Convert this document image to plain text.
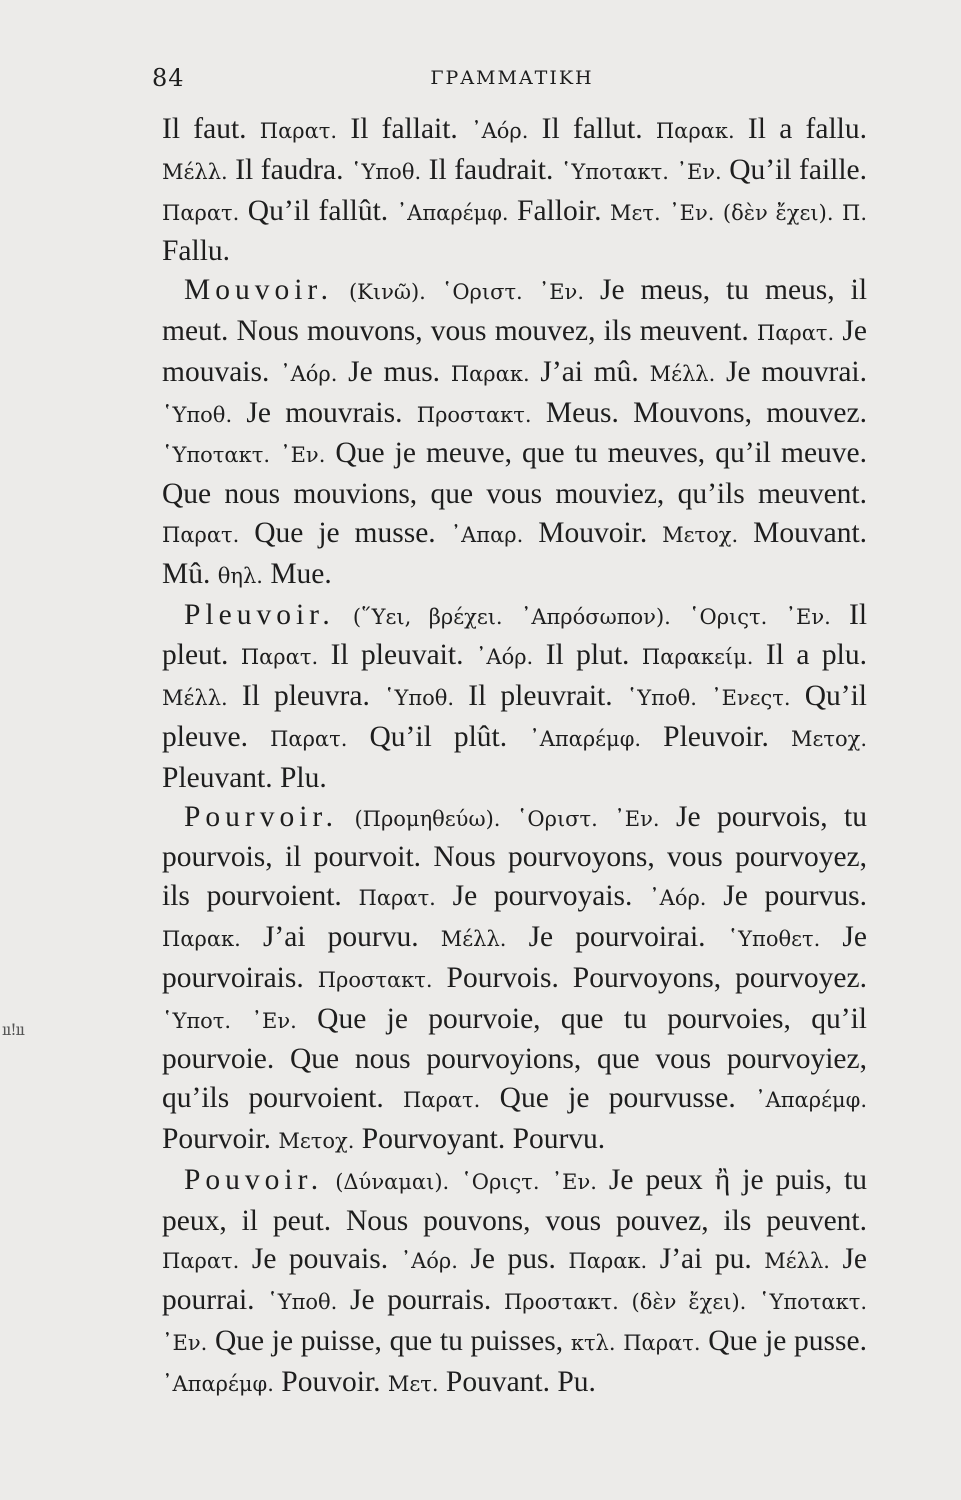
ıı!ıı
84	ΓΡΑΜΜΑΤΙΚΗ

Il faut. Παρατ. Il fallait. ᾽Αόρ. Il fallut. Παρακ. Il a fallu. Μέλλ. Il faudra. ῾Υποθ. Il faudrait. ῾Υποτακτ. ᾽Εν. Qu’il faille. Παρατ. Qu’il fallût. ᾽Απαρέμφ. Falloir. Μετ. ᾽Εν. (δὲν ἔχει). Π. Fallu.

Mouvoir. (Κινῶ). ῾Οριστ. ᾽Εν. Je meus, tu meus, il meut. Nous mouvons, vous mouvez, ils meuvent. Παρατ. Je mouvais. ᾽Αόρ. Je mus. Παρακ. J’ai mû. Μέλλ. Je mouvrai. ῾Υποθ. Je mouvrais. Προστακτ. Meus. Mouvons, mouvez. ῾Υποτακτ. ᾽Εν. Que je meuve, que tu meuves, qu’il meuve. Que nous mouvions, que vous mouviez, qu’ils meuvent. Παρατ. Que je musse. ᾽Απαρ. Mouvoir. Μετοχ. Mouvant. Mû. θηλ. Mue.

Pleuvoir. (῞Υει, βρέχει. ᾽Απρόσωπον). ῾Οριςτ. ᾽Εν. Il pleut. Παρατ. Il pleuvait. ᾽Αόρ. Il plut. Παρακείμ. Il a plu. Μέλλ. Il pleuvra. ῾Υποθ. Il pleuvrait. ῾Υποθ. ᾽Ενεςτ. Qu’il pleuve. Παρατ. Qu’il plût. ᾽Απαρέμφ. Pleuvoir. Μετοχ. Pleuvant. Plu.

Pourvoir. (Προμηθεύω). ῾Οριστ. ᾽Εν. Je pourvois, tu pourvois, il pourvoit. Nous pourvoyons, vous pourvoyez, ils pourvoient. Παρατ. Je pourvoyais. ᾽Αόρ. Je pourvus. Παρακ. J’ai pourvu. Μέλλ. Je pourvoirai. ῾Υποθετ. Je pourvoirais. Προστακτ. Pourvois. Pourvoyons, pourvoyez. ῾Υποτ. ᾽Εν. Que je pourvoie, que tu pourvoies, qu’il pourvoie. Que nous pourvoyions, que vous pourvoyiez, qu’ils pourvoient. Παρατ. Que je pourvusse. ᾽Απαρέμφ. Pourvoir. Μετοχ. Pourvoyant. Pourvu.

Pouvoir. (Δύναμαι). ῾Οριςτ. ᾽Εν. Je peux ἢ je puis, tu peux, il peut. Nous pouvons, vous pouvez, ils peuvent. Παρατ. Je pouvais. ᾽Αόρ. Je pus. Παρακ. J’ai pu. Μέλλ. Je pourrai. ῾Υποθ. Je pourrais. Προστακτ. (δὲν ἔχει). ῾Υποτακτ. ᾽Εν. Que je puisse, que tu puisses, κτλ. Παρατ. Que je pusse. ᾽Απαρέμφ. Pouvoir. Μετ. Pouvant. Pu.
